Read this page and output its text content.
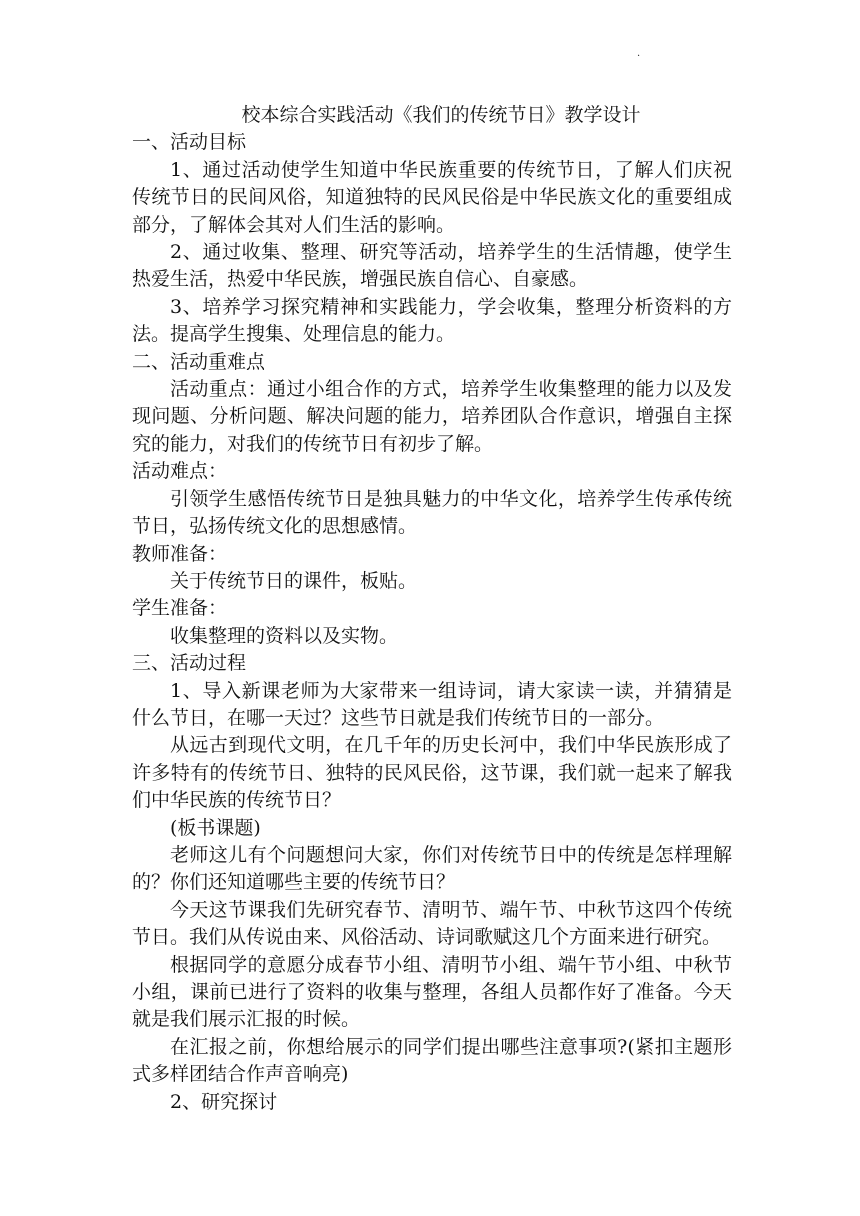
·

校本综合实践活动《我们的传统节日》教学设计

一、活动目标

1、通过活动使学生知道中华民族重要的传统节日，了解人们庆祝传统节日的民间风俗，知道独特的民风民俗是中华民族文化的重要组成部分，了解体会其对人们生活的影响。

2、通过收集、整理、研究等活动，培养学生的生活情趣，使学生热爱生活，热爱中华民族，增强民族自信心、自豪感。

3、培养学习探究精神和实践能力，学会收集，整理分析资料的方法。提高学生搜集、处理信息的能力。

二、活动重难点

活动重点：通过小组合作的方式，培养学生收集整理的能力以及发现问题、分析问题、解决问题的能力，培养团队合作意识，增强自主探究的能力，对我们的传统节日有初步了解。

活动难点：

引领学生感悟传统节日是独具魅力的中华文化，培养学生传承传统节日，弘扬传统文化的思想感情。

教师准备：

关于传统节日的课件，板贴。

学生准备：

收集整理的资料以及实物。

三、活动过程

1、导入新课老师为大家带来一组诗词，请大家读一读，并猜猜是什么节日，在哪一天过？这些节日就是我们传统节日的一部分。

从远古到现代文明，在几千年的历史长河中，我们中华民族形成了许多特有的传统节日、独特的民风民俗，这节课，我们就一起来了解我们中华民族的传统节日？

(板书课题)

老师这儿有个问题想问大家，你们对传统节日中的传统是怎样理解的？你们还知道哪些主要的传统节日？

今天这节课我们先研究春节、清明节、端午节、中秋节这四个传统节日。我们从传说由来、风俗活动、诗词歌赋这几个方面来进行研究。

根据同学的意愿分成春节小组、清明节小组、端午节小组、中秋节小组，课前已进行了资料的收集与整理，各组人员都作好了准备。今天就是我们展示汇报的时候。

在汇报之前，你想给展示的同学们提出哪些注意事项?(紧扣主题形式多样团结合作声音响亮)

2、研究探讨
